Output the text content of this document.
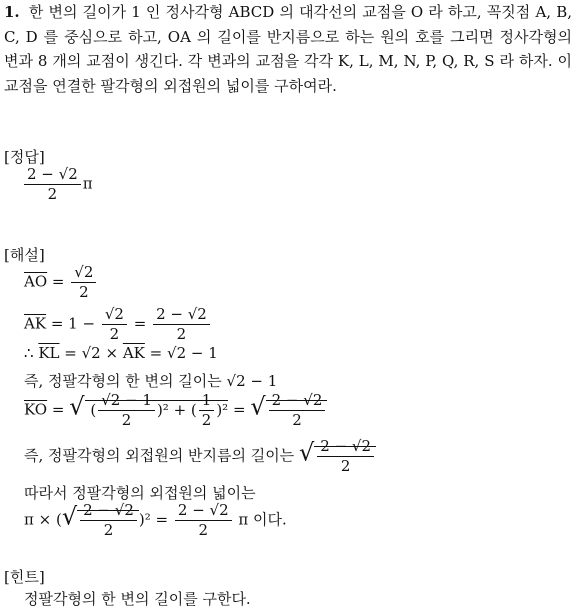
1. 한 변의 길이가 1 인 정사각형 ABCD 의 대각선의 교점을 O 라 하고, 꼭짓점 A, B, C, D 를 중심으로 하고, OA 의 길이를 반지름으로 하는 원의 호를 그리면 정사각형의 변과 8 개의 교점이 생긴다. 각 변과의 교점을 각각 K, L, M, N, P, Q, R, S 라 하자. 이 교점을 연결한 팔각형의 외접원의 넓이를 구하여라.
[정답]
$\frac{2 - √2}{2}$ π
[해설]
$\overline{AO} = \frac{√2}{2}$
$\overline{AK} = 1 - \frac{√2}{2} = \frac{2 - √2}{2}$
∴ $\overline{KL} = √2 \times \overline{AK} = √2 - 1$
즉, 정팔각형의 한 변의 길이는 √2 − 1
$\overline{KO}$ = √ ( $\frac{√2 - 1}{2} )^2$ + ( $\frac{1}{2} )^2$ = √ $\frac{2 - √2}{2}$
즉, 정팔각형의 외접원의 반지름의 길이는 √ $\frac{2 - √2}{2}$
따라서 정팔각형의 외접원의 넓이는
π × (√ $\frac{2 - √2}{2} )^2 = \frac{2 - √2}{2}$ π 이다.
[힌트]
정팔각형의 한 변의 길이를 구한다.
